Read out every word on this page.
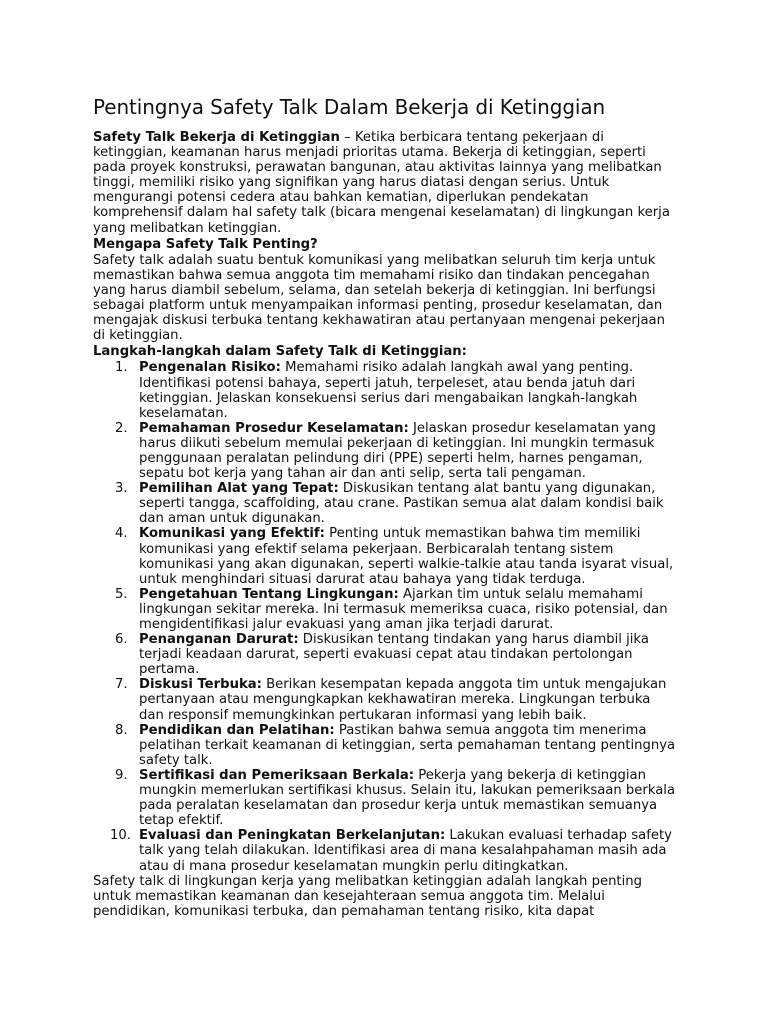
Pentingnya Safety Talk Dalam Bekerja di Ketinggian

Safety Talk Bekerja di Ketinggian – Ketika berbicara tentang pekerjaan di ketinggian, keamanan harus menjadi prioritas utama. Bekerja di ketinggian, seperti pada proyek konstruksi, perawatan bangunan, atau aktivitas lainnya yang melibatkan tinggi, memiliki risiko yang signifikan yang harus diatasi dengan serius. Untuk mengurangi potensi cedera atau bahkan kematian, diperlukan pendekatan komprehensif dalam hal safety talk (bicara mengenai keselamatan) di lingkungan kerja yang melibatkan ketinggian.

Mengapa Safety Talk Penting?

Safety talk adalah suatu bentuk komunikasi yang melibatkan seluruh tim kerja untuk memastikan bahwa semua anggota tim memahami risiko dan tindakan pencegahan yang harus diambil sebelum, selama, dan setelah bekerja di ketinggian. Ini berfungsi sebagai platform untuk menyampaikan informasi penting, prosedur keselamatan, dan mengajak diskusi terbuka tentang kekhawatiran atau pertanyaan mengenai pekerjaan di ketinggian.

Langkah-langkah dalam Safety Talk di Ketinggian:
1. Pengenalan Risiko: Memahami risiko adalah langkah awal yang penting. Identifikasi potensi bahaya, seperti jatuh, terpeleset, atau benda jatuh dari ketinggian. Jelaskan konsekuensi serius dari mengabaikan langkah-langkah keselamatan.
2. Pemahaman Prosedur Keselamatan: Jelaskan prosedur keselamatan yang harus diikuti sebelum memulai pekerjaan di ketinggian. Ini mungkin termasuk penggunaan peralatan pelindung diri (PPE) seperti helm, harnes pengaman, sepatu bot kerja yang tahan air dan anti selip, serta tali pengaman.
3. Pemilihan Alat yang Tepat: Diskusikan tentang alat bantu yang digunakan, seperti tangga, scaffolding, atau crane. Pastikan semua alat dalam kondisi baik dan aman untuk digunakan.
4. Komunikasi yang Efektif: Penting untuk memastikan bahwa tim memiliki komunikasi yang efektif selama pekerjaan. Berbicaralah tentang sistem komunikasi yang akan digunakan, seperti walkie-talkie atau tanda isyarat visual, untuk menghindari situasi darurat atau bahaya yang tidak terduga.
5. Pengetahuan Tentang Lingkungan: Ajarkan tim untuk selalu memahami lingkungan sekitar mereka. Ini termasuk memeriksa cuaca, risiko potensial, dan mengidentifikasi jalur evakuasi yang aman jika terjadi darurat.
6. Penanganan Darurat: Diskusikan tentang tindakan yang harus diambil jika terjadi keadaan darurat, seperti evakuasi cepat atau tindakan pertolongan pertama.
7. Diskusi Terbuka: Berikan kesempatan kepada anggota tim untuk mengajukan pertanyaan atau mengungkapkan kekhawatiran mereka. Lingkungan terbuka dan responsif memungkinkan pertukaran informasi yang lebih baik.
8. Pendidikan dan Pelatihan: Pastikan bahwa semua anggota tim menerima pelatihan terkait keamanan di ketinggian, serta pemahaman tentang pentingnya safety talk.
9. Sertifikasi dan Pemeriksaan Berkala: Pekerja yang bekerja di ketinggian mungkin memerlukan sertifikasi khusus. Selain itu, lakukan pemeriksaan berkala pada peralatan keselamatan dan prosedur kerja untuk memastikan semuanya tetap efektif.
10. Evaluasi dan Peningkatan Berkelanjutan: Lakukan evaluasi terhadap safety talk yang telah dilakukan. Identifikasi area di mana kesalahpahaman masih ada atau di mana prosedur keselamatan mungkin perlu ditingkatkan.

Safety talk di lingkungan kerja yang melibatkan ketinggian adalah langkah penting untuk memastikan keamanan dan kesejahteraan semua anggota tim. Melalui pendidikan, komunikasi terbuka, dan pemahaman tentang risiko, kita dapat
